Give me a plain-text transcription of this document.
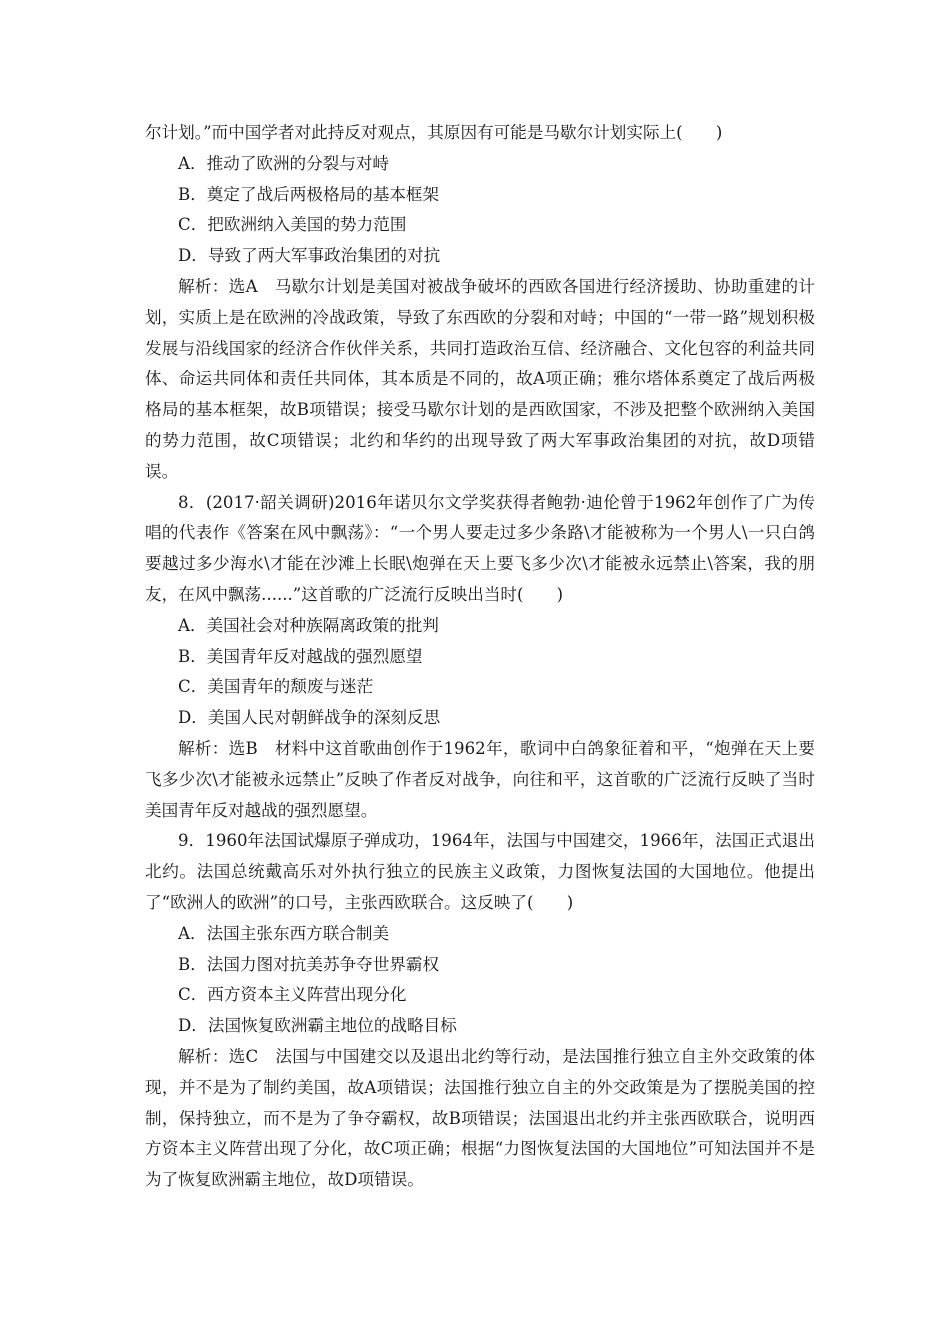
尔计划。”而中国学者对此持反对观点，其原因有可能是马歇尔计划实际上(　　)

A．推动了欧洲的分裂与对峙

B．奠定了战后两极格局的基本框架

C．把欧洲纳入美国的势力范围

D．导致了两大军事政治集团的对抗

解析：选A　马歇尔计划是美国对被战争破坏的西欧各国进行经济援助、协助重建的计划，实质上是在欧洲的冷战政策，导致了东西欧的分裂和对峙；中国的“一带一路”规划积极发展与沿线国家的经济合作伙伴关系，共同打造政治互信、经济融合、文化包容的利益共同体、命运共同体和责任共同体，其本质是不同的，故A项正确；雅尔塔体系奠定了战后两极格局的基本框架，故B项错误；接受马歇尔计划的是西欧国家，不涉及把整个欧洲纳入美国的势力范围，故C项错误；北约和华约的出现导致了两大军事政治集团的对抗，故D项错误。

8．(2017·韶关调研)2016年诺贝尔文学奖获得者鲍勃·迪伦曾于1962年创作了广为传唱的代表作《答案在风中飘荡》：“一个男人要走过多少条路\才能被称为一个男人\一只白鸽要越过多少海水\才能在沙滩上长眠\炮弹在天上要飞多少次\才能被永远禁止\答案，我的朋友，在风中飘荡......”这首歌的广泛流行反映出当时(　　)

A．美国社会对种族隔离政策的批判

B．美国青年反对越战的强烈愿望

C．美国青年的颓废与迷茫

D．美国人民对朝鲜战争的深刻反思

解析：选B　材料中这首歌曲创作于1962年，歌词中白鸽象征着和平，“炮弹在天上要飞多少次\才能被永远禁止”反映了作者反对战争，向往和平，这首歌的广泛流行反映了当时美国青年反对越战的强烈愿望。

9．1960年法国试爆原子弹成功，1964年，法国与中国建交，1966年，法国正式退出北约。法国总统戴高乐对外执行独立的民族主义政策，力图恢复法国的大国地位。他提出了“欧洲人的欧洲”的口号，主张西欧联合。这反映了(　　)

A．法国主张东西方联合制美

B．法国力图对抗美苏争夺世界霸权

C．西方资本主义阵营出现分化

D．法国恢复欧洲霸主地位的战略目标

解析：选C　法国与中国建交以及退出北约等行动，是法国推行独立自主外交政策的体现，并不是为了制约美国，故A项错误；法国推行独立自主的外交政策是为了摆脱美国的控制，保持独立，而不是为了争夺霸权，故B项错误；法国退出北约并主张西欧联合，说明西方资本主义阵营出现了分化，故C项正确；根据“力图恢复法国的大国地位”可知法国并不是为了恢复欧洲霸主地位，故D项错误。
